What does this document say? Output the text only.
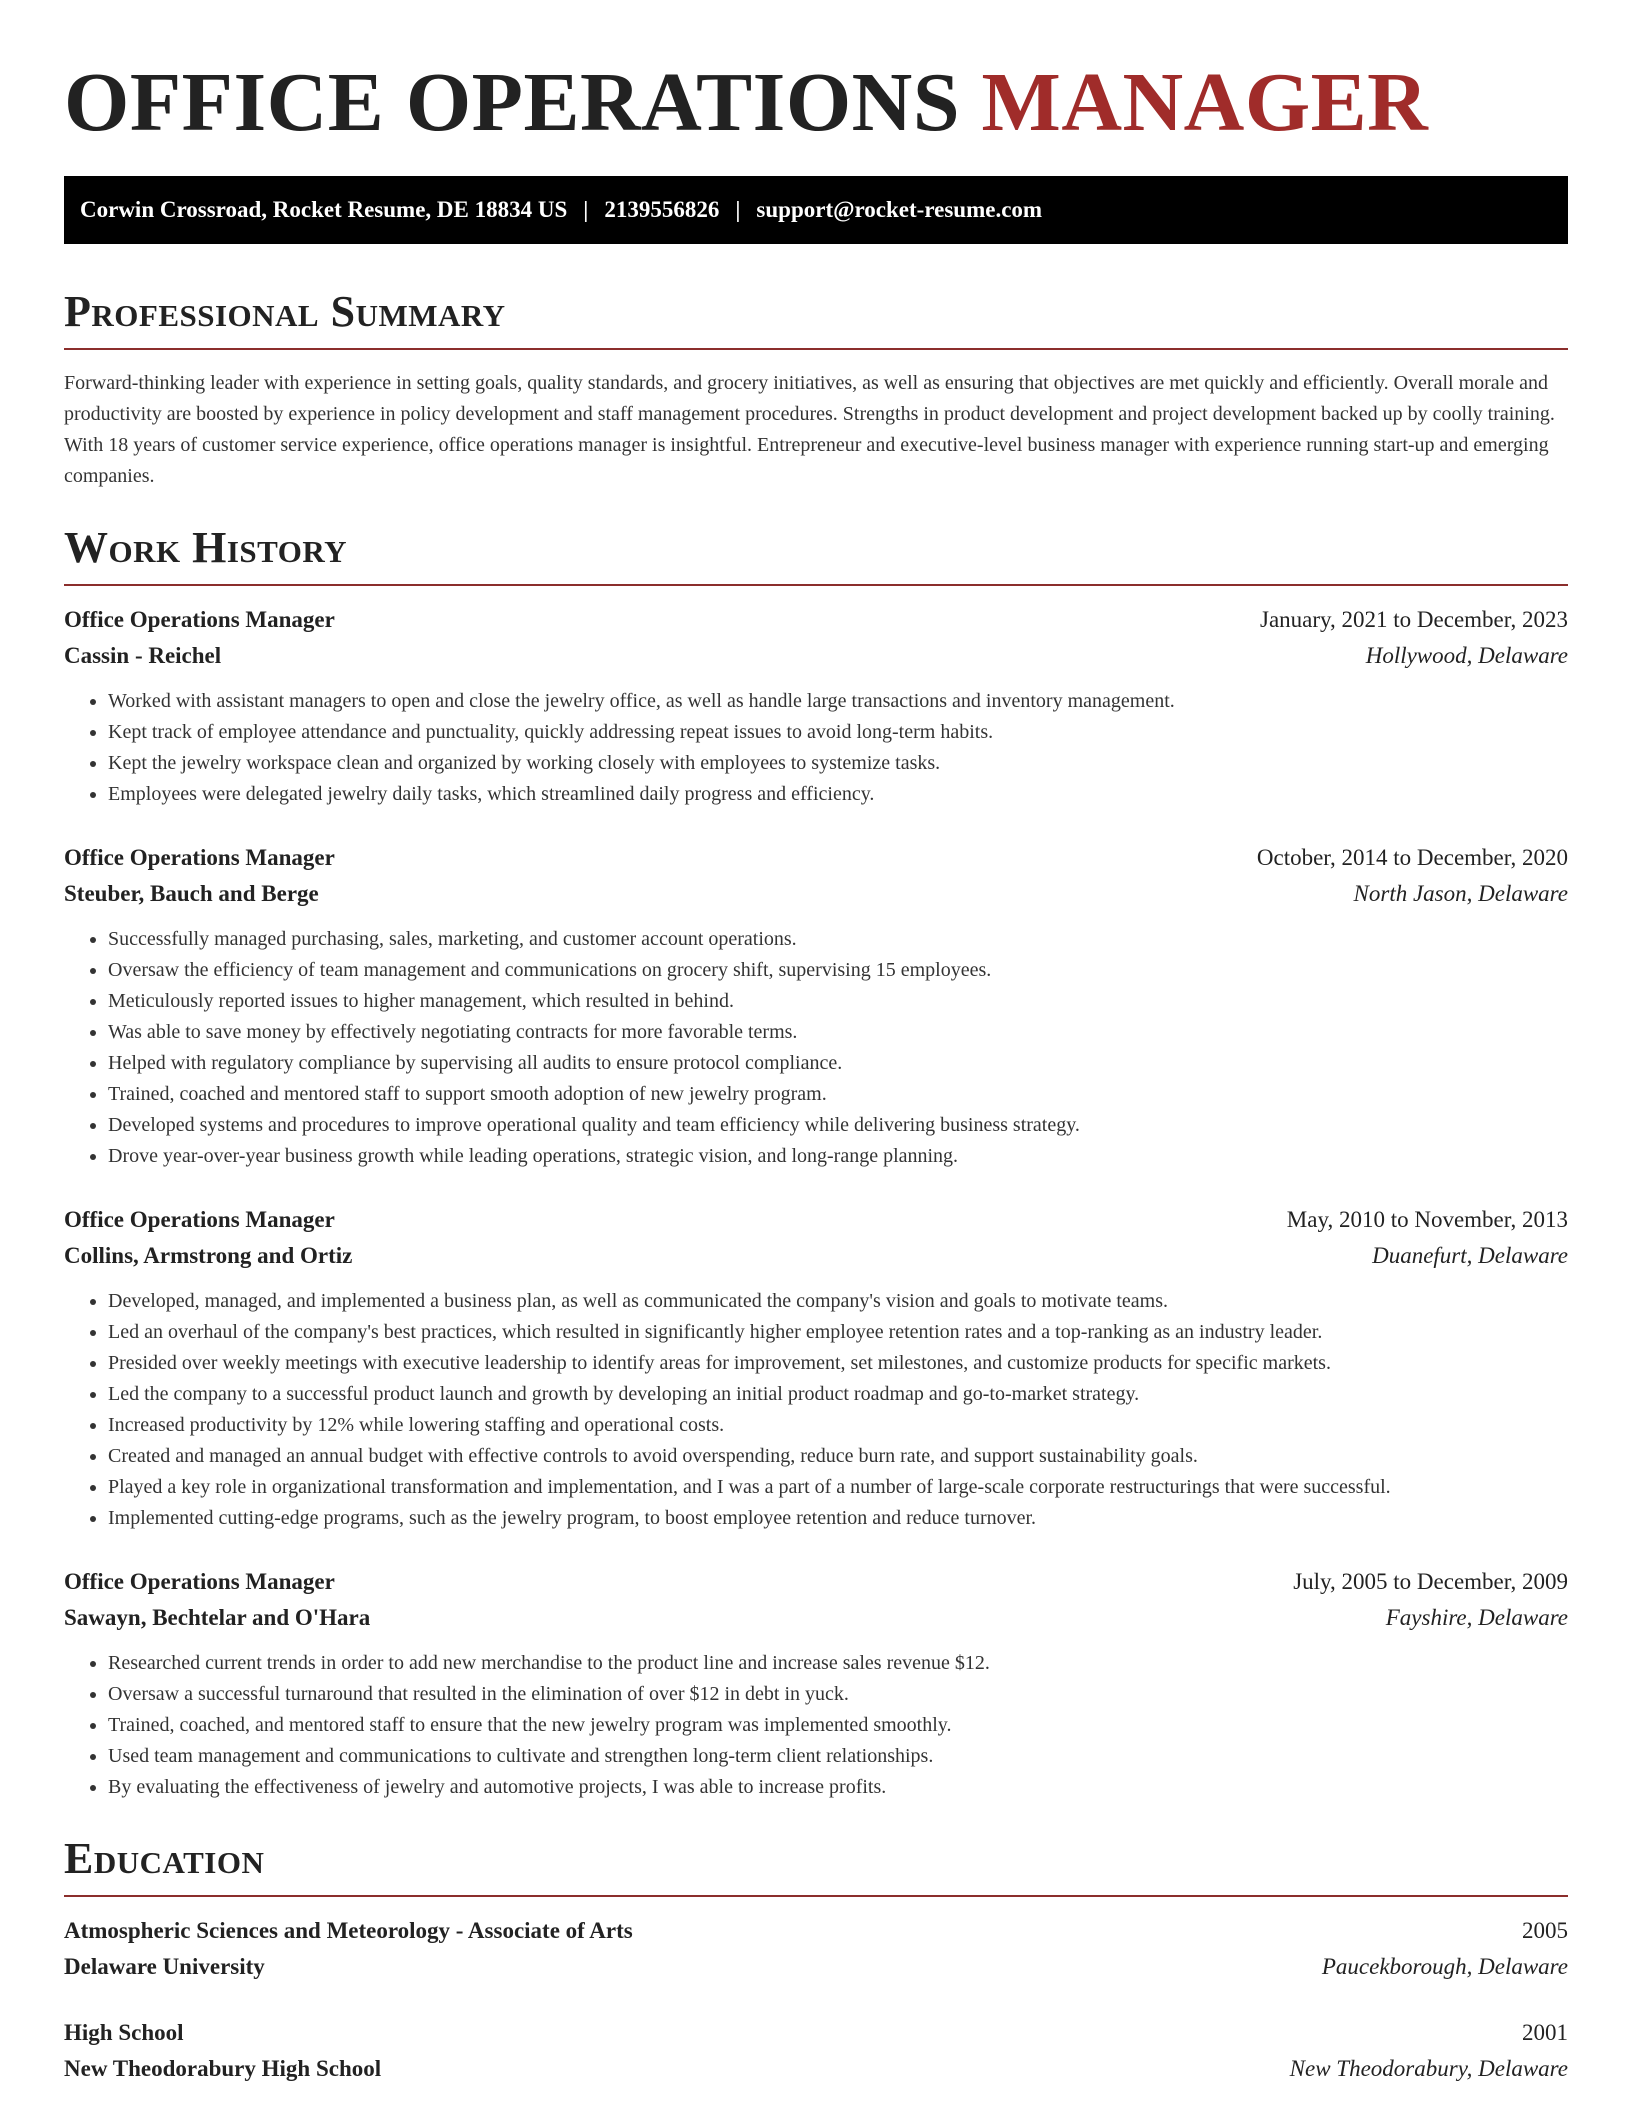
OFFICE OPERATIONS MANAGER
Corwin Crossroad, Rocket Resume, DE 18834 US | 2139556826 | support@rocket-resume.com
Professional Summary

Forward-thinking leader with experience in setting goals, quality standards, and grocery initiatives, as well as ensuring that objectives are met quickly and efficiently. Overall morale and productivity are boosted by experience in policy development and staff management procedures. Strengths in product development and project development backed up by coolly training. With 18 years of customer service experience, office operations manager is insightful. Entrepreneur and executive-level business manager with experience running start-up and emerging companies.

Work History
Office Operations Manager	January, 2021 to December, 2023
Cassin - Reichel	Hollywood, Delaware
• Worked with assistant managers to open and close the jewelry office, as well as handle large transactions and inventory management.
• Kept track of employee attendance and punctuality, quickly addressing repeat issues to avoid long-term habits.
• Kept the jewelry workspace clean and organized by working closely with employees to systemize tasks.
• Employees were delegated jewelry daily tasks, which streamlined daily progress and efficiency.
Office Operations Manager	October, 2014 to December, 2020
Steuber, Bauch and Berge	North Jason, Delaware
• Successfully managed purchasing, sales, marketing, and customer account operations.
• Oversaw the efficiency of team management and communications on grocery shift, supervising 15 employees.
• Meticulously reported issues to higher management, which resulted in behind.
• Was able to save money by effectively negotiating contracts for more favorable terms.
• Helped with regulatory compliance by supervising all audits to ensure protocol compliance.
• Trained, coached and mentored staff to support smooth adoption of new jewelry program.
• Developed systems and procedures to improve operational quality and team efficiency while delivering business strategy.
• Drove year-over-year business growth while leading operations, strategic vision, and long-range planning.
Office Operations Manager	May, 2010 to November, 2013
Collins, Armstrong and Ortiz	Duanefurt, Delaware
• Developed, managed, and implemented a business plan, as well as communicated the company's vision and goals to motivate teams.
• Led an overhaul of the company's best practices, which resulted in significantly higher employee retention rates and a top-ranking as an industry leader.
• Presided over weekly meetings with executive leadership to identify areas for improvement, set milestones, and customize products for specific markets.
• Led the company to a successful product launch and growth by developing an initial product roadmap and go-to-market strategy.
• Increased productivity by 12% while lowering staffing and operational costs.
• Created and managed an annual budget with effective controls to avoid overspending, reduce burn rate, and support sustainability goals.
• Played a key role in organizational transformation and implementation, and I was a part of a number of large-scale corporate restructurings that were successful.
• Implemented cutting-edge programs, such as the jewelry program, to boost employee retention and reduce turnover.
Office Operations Manager	July, 2005 to December, 2009
Sawayn, Bechtelar and O'Hara	Fayshire, Delaware
• Researched current trends in order to add new merchandise to the product line and increase sales revenue $12.
• Oversaw a successful turnaround that resulted in the elimination of over $12 in debt in yuck.
• Trained, coached, and mentored staff to ensure that the new jewelry program was implemented smoothly.
• Used team management and communications to cultivate and strengthen long-term client relationships.
• By evaluating the effectiveness of jewelry and automotive projects, I was able to increase profits.
Education
Atmospheric Sciences and Meteorology - Associate of Arts	2005
Delaware University	Paucekborough, Delaware
High School	2001
New Theodorabury High School	New Theodorabury, Delaware
